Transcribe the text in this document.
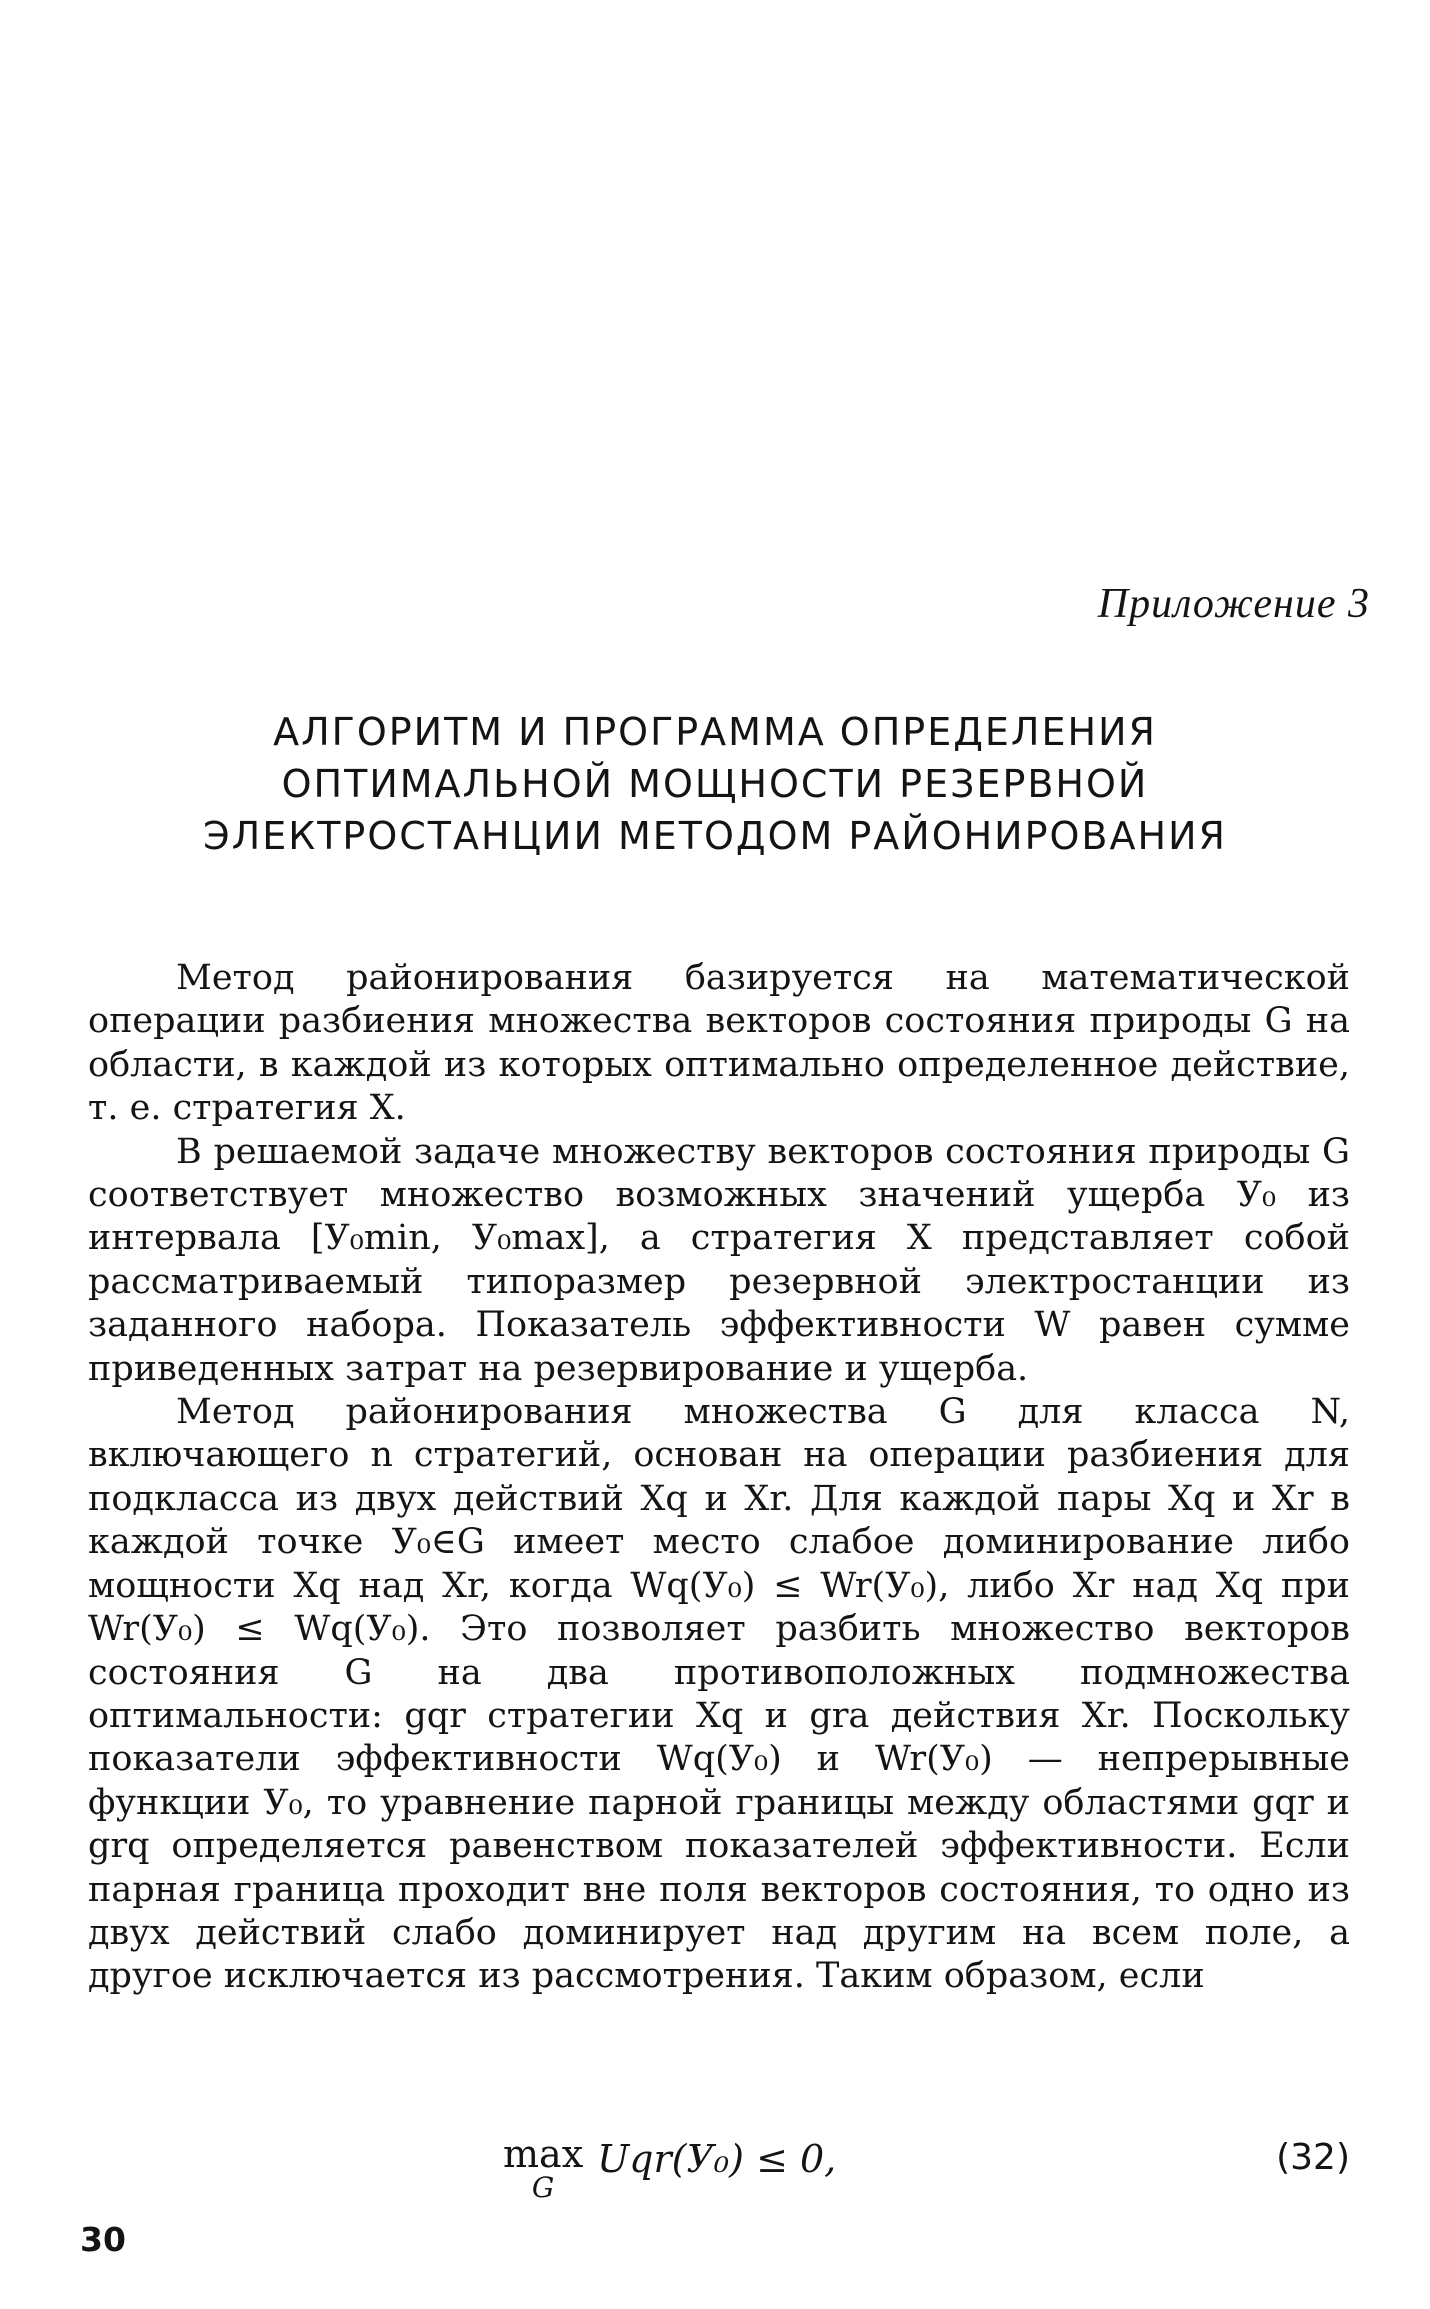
Приложение 3
АЛГОРИТМ И ПРОГРАММА ОПРЕДЕЛЕНИЯ
ОПТИМАЛЬНОЙ МОЩНОСТИ РЕЗЕРВНОЙ
ЭЛЕКТРОСТАНЦИИ МЕТОДОМ РАЙОНИРОВАНИЯ

Метод районирования базируется на математической операции разбиения множества векторов состояния природы G на области, в каждой из которых оптимально определенное действие, т. е. стратегия X.

В решаемой задаче множеству векторов состояния природы G соответствует множество возможных значений ущерба У₀ из интервала [У₀min, У₀max], а стратегия X представляет собой рассматриваемый типоразмер резервной электростанции из заданного набора. Показатель эффективности W равен сумме приведенных затрат на резервирование и ущерба.

Метод районирования множества G для класса N, включающего n стратегий, основан на операции разбиения для подкласса из двух действий Xq и Xr. Для каждой пары Xq и Xr в каждой точке У₀∈G имеет место слабое доминирование либо мощности Xq над Xr, когда Wq(У₀) ≤ Wr(У₀), либо Xr над Xq при Wr(У₀) ≤ Wq(У₀). Это позволяет разбить множество векторов состояния G на два противоположных подмножества оптимальности: gqr стратегии Xq и gra действия Xr. Поскольку показатели эффективности Wq(У₀) и Wr(У₀) — непрерывные функции У₀, то уравнение парной границы между областями gqr и grq определяется равенством показателей эффективности. Если парная граница проходит вне поля векторов состояния, то одно из двух действий слабо доминирует над другим на всем поле, а другое исключается из рассмотрения. Таким образом, если

max
G
Uqr(У₀) ≤ 0,	(32)
30
